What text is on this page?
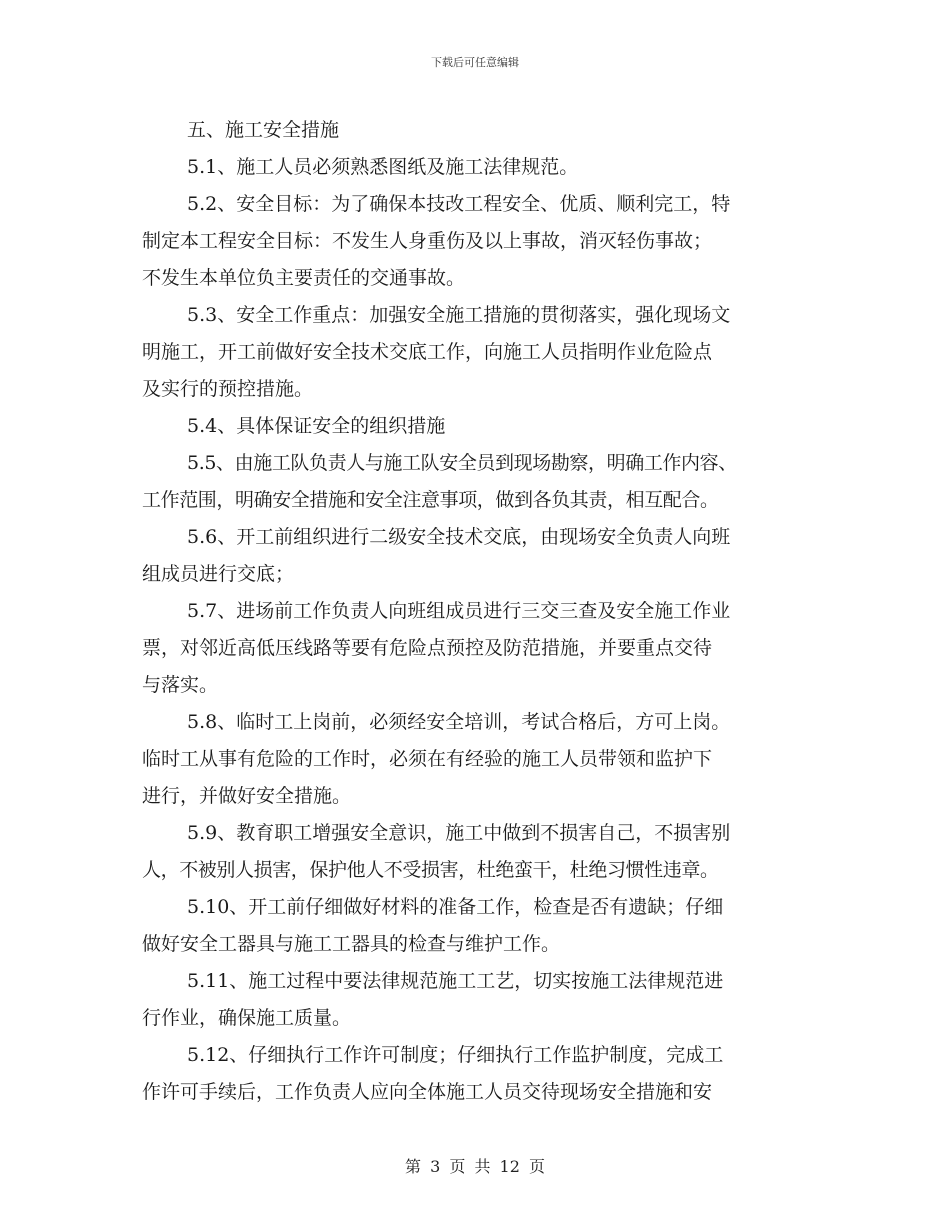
下载后可任意编辑
五、施工安全措施
5.1、施工人员必须熟悉图纸及施工法律规范。
5.2、安全目标：为了确保本技改工程安全、优质、顺利完工，特
制定本工程安全目标：不发生人身重伤及以上事故，消灭轻伤事故；
不发生本单位负主要责任的交通事故。
5.3、安全工作重点：加强安全施工措施的贯彻落实，强化现场文
明施工，开工前做好安全技术交底工作，向施工人员指明作业危险点
及实行的预控措施。
5.4、具体保证安全的组织措施
5.5、由施工队负责人与施工队安全员到现场勘察，明确工作内容、
工作范围，明确安全措施和安全注意事项，做到各负其责，相互配合。
5.6、开工前组织进行二级安全技术交底，由现场安全负责人向班
组成员进行交底；
5.7、进场前工作负责人向班组成员进行三交三查及安全施工作业
票，对邻近高低压线路等要有危险点预控及防范措施，并要重点交待
与落实。
5.8、临时工上岗前，必须经安全培训，考试合格后，方可上岗。
临时工从事有危险的工作时，必须在有经验的施工人员带领和监护下
进行，并做好安全措施。
5.9、教育职工增强安全意识，施工中做到不损害自己，不损害别
人，不被别人损害，保护他人不受损害，杜绝蛮干，杜绝习惯性违章。
5.10、开工前仔细做好材料的准备工作，检查是否有遗缺；仔细
做好安全工器具与施工工器具的检查与维护工作。
5.11、施工过程中要法律规范施工工艺，切实按施工法律规范进
行作业，确保施工质量。
5.12、仔细执行工作许可制度；仔细执行工作监护制度，完成工
作许可手续后，工作负责人应向全体施工人员交待现场安全措施和安
第 3 页 共 12 页
